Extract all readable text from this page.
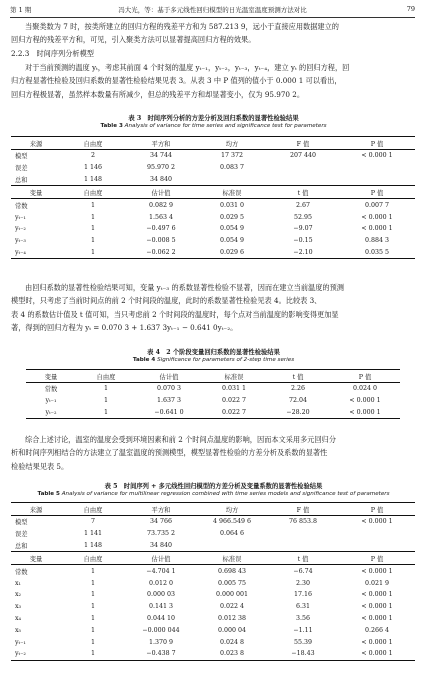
第 1 期	冯大光，等：基于多元线性回归模型的日光温室温度预测方法对比	79
当聚类数为 7 时，按类所建立的回归方程的残差平方和为 587.213 9，远小于直接应用数据建立的
回归方程的残差平方和，可见，引入聚类方法可以显著提高回归方程的效果。
2.2.3　时间序列分析模型
对于当前预测的温度 yₜ，考虑其前面 4 个时刻的温度 yₜ₋₁，yₜ₋₂，yₜ₋₃，yₜ₋₄，建立 yₜ 的回归方程，回
归方程显著性检验及回归系数的显著性检验结果见表 3。从表 3 中 P 值列的值小于 0.000 1 可以看出，
回归方程极显著，虽然样本数量有所减少，但总的残差平方和却显著变小，仅为 95.970 2。
表 3　时间序列分析的方差分析及回归系数的显著性检验结果
Table 3 Analysis of variance for time series and significance test for parameters
来源	自由度	平方和	均方	F 值	P 值
模型	2	34 744	17 372	207 440	< 0.000 1
误差	1 146	95.970 2	0.083 7		
总和	1 148	34 840			
变量	自由度	估计值	标准误	t 值	P 值
常数	1	0.082 9	0.031 0	2.67	0.007 7
yₜ₋₁	1	1.563 4	0.029 5	52.95	< 0.000 1
yₜ₋₂	1	−0.497 6	0.054 9	−9.07	< 0.000 1
yₜ₋₃	1	−0.008 5	0.054 9	−0.15	0.884 3
yₜ₋₄	1	−0.062 2	0.029 6	−2.10	0.035 5
由回归系数的显著性检验结果可知，变量 yₜ₋₃ 的系数显著性检验不显著，因而在建立当前温度的预测
模型时，只考虑了当前时间点的前 2 个时间段的温度，此时的系数显著性检验见表 4。比较表 3、
表 4 的系数估计值及 t 值可知，当只考虑前 2 个时间段的温度时，每个点对当前温度的影响变得更加显
著，得到的回归方程为 yₜ = 0.070 3 + 1.637 3yₜ₋₁ − 0.641 0yₜ₋₂。
表 4　2 个阶段变量回归系数的显著性检验结果
Table 4 Significance for parameters of 2-step time series
变量	自由度	估计值	标准误	t 值	P 值
常数	1	0.070 3	0.031 1	2.26	0.024 0
yₜ₋₁	1	1.637 3	0.022 7	72.04	< 0.000 1
yₜ₋₂	1	−0.641 0	0.022 7	−28.20	< 0.000 1
综合上述讨论，温室的温度会受到环境因素和前 2 个时间点温度的影响，因而本文采用多元回归分
析和时间序列相结合的方法建立了温室温度的预测模型，模型显著性检验的方差分析及系数的显著性
检验结果见表 5。
表 5　时间序列 + 多元线性回归模型的方差分析及变量系数的显著性检验结果
Table 5 Analysis of variance for multilinear regression combined with time series models and significance test of parameters
来源	自由度	平方和	均方	F 值	P 值
模型	7	34 766	4 966.549 6	76 853.8	< 0.000 1
误差	1 141	73.735 2	0.064 6		
总和	1 148	34 840			
变量	自由度	估计值	标准误	t 值	P 值
常数	1	−4.704 1	0.698 43	−6.74	< 0.000 1
x₁	1	0.012 0	0.005 75	2.30	0.021 9
x₂	1	0.000 03	0.000 001	17.16	< 0.000 1
x₃	1	0.141 3	0.022 4	6.31	< 0.000 1
x₄	1	0.044 10	0.012 38	3.56	< 0.000 1
x₅	1	−0.000 044	0.000 04	−1.11	0.266 4
yₜ₋₁	1	1.370 9	0.024 8	55.39	< 0.000 1
yₜ₋₂	1	−0.438 7	0.023 8	−18.43	< 0.000 1
